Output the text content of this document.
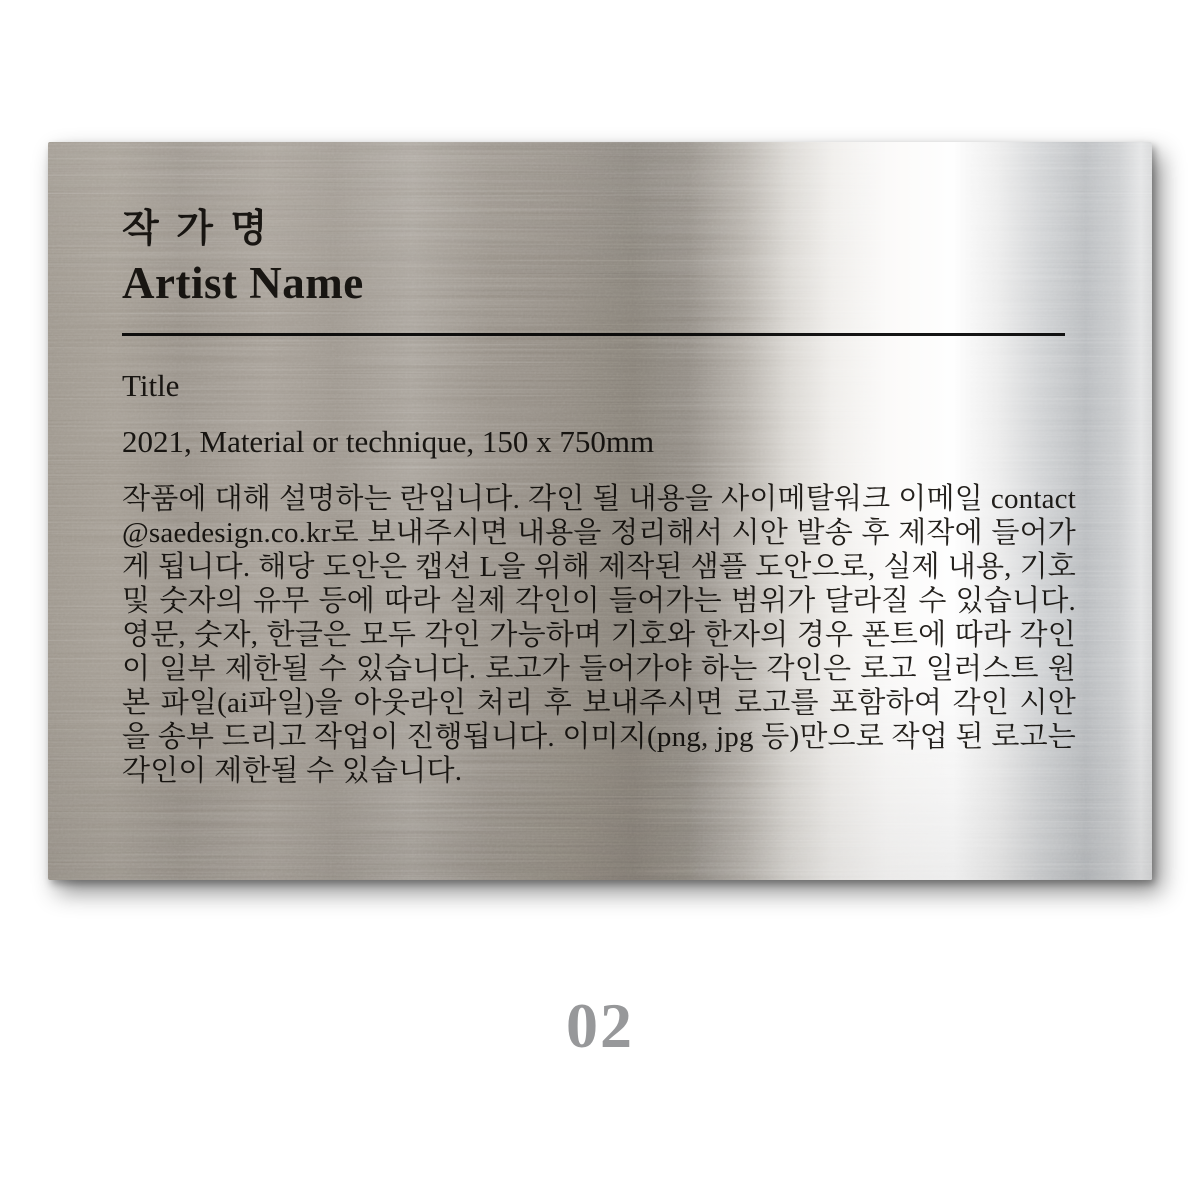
작 가 명
Artist Name
Title
2021, Material or technique, 150 x 750mm
작품에 대해 설명하는 란입니다. 각인 될 내용을 사이메탈워크 이메일 contact@saedesign.co.kr로 보내주시면 내용을 정리해서 시안 발송 후 제작에 들어가게 됩니다. 해당 도안은 캡션 L을 위해 제작된 샘플 도안으로, 실제 내용, 기호 및 숫자의 유무 등에 따라 실제 각인이 들어가는 범위가 달라질 수 있습니다. 영문, 숫자, 한글은 모두 각인 가능하며 기호와 한자의 경우 폰트에 따라 각인이 일부 제한될 수 있습니다. 로고가 들어가야 하는 각인은 로고 일러스트 원본 파일(ai파일)을 아웃라인 처리 후 보내주시면 로고를 포함하여 각인 시안을 송부 드리고 작업이 진행됩니다. 이미지(png, jpg 등)만으로 작업 된 로고는 각인이 제한될 수 있습니다.
02
